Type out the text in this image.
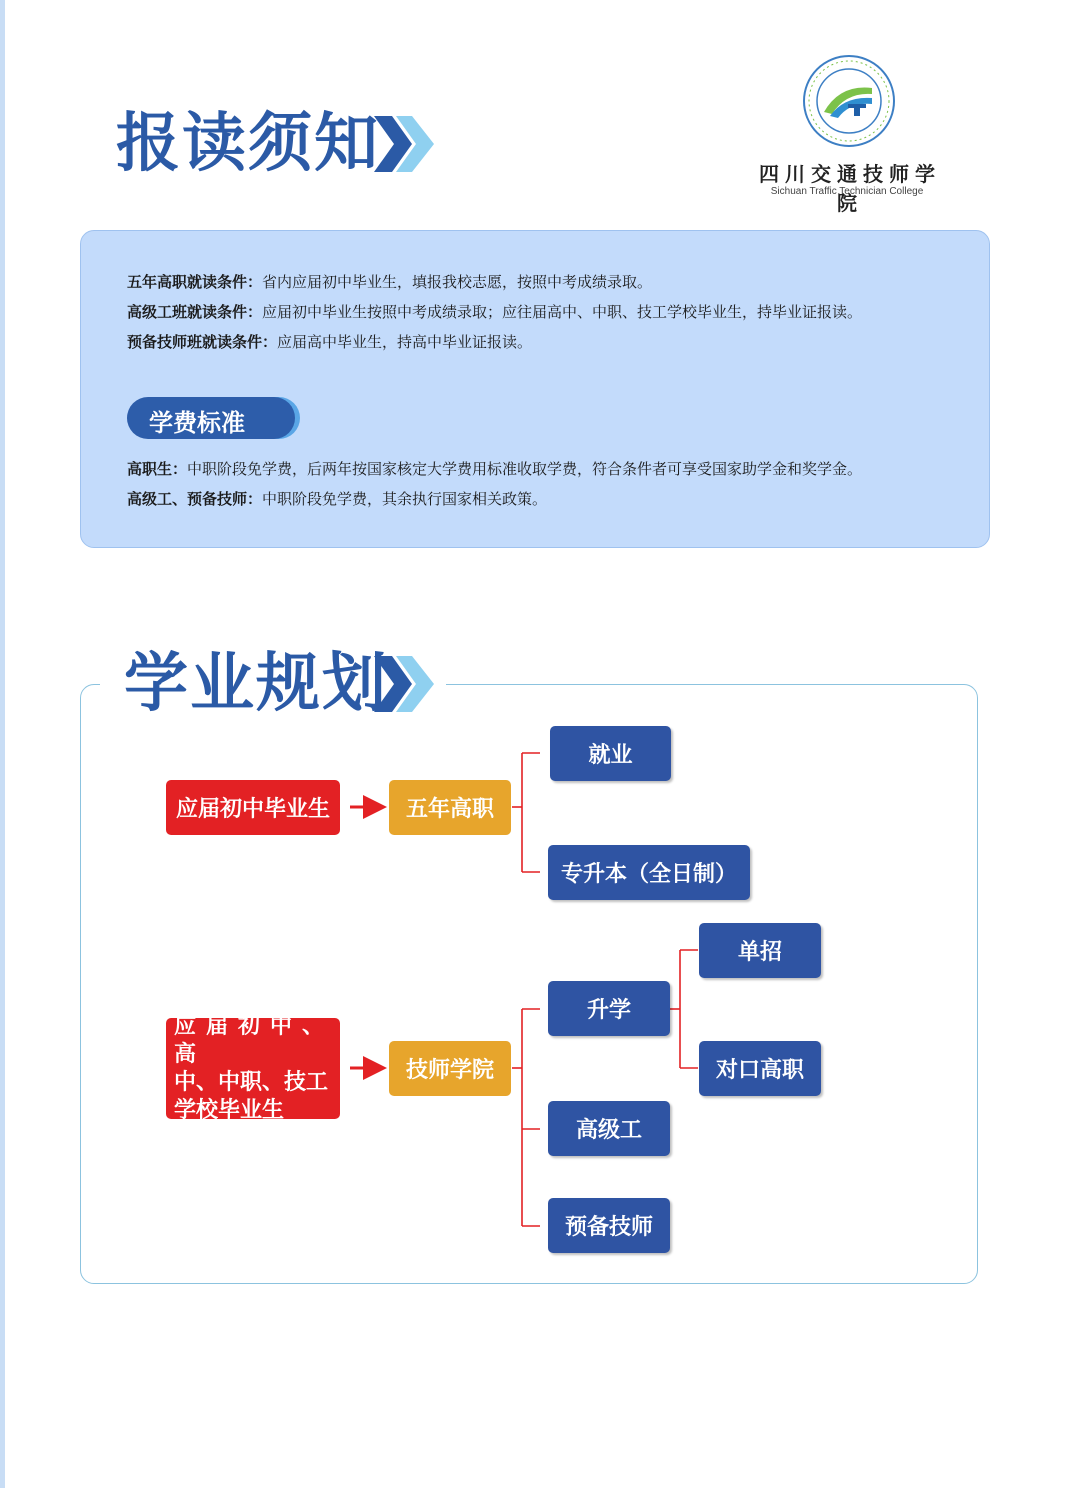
报读须知	四川交通技师学院
Sichuan Traffic Technician College
五年高职就读条件：省内应届初中毕业生，填报我校志愿，按照中考成绩录取。
高级工班就读条件：应届初中毕业生按照中考成绩录取；应往届高中、中职、技工学校毕业生，持毕业证报读。
预备技师班就读条件：应届高中毕业生，持高中毕业证报读。
学费标准
高职生：中职阶段免学费，后两年按国家核定大学费用标准收取学费，符合条件者可享受国家助学金和奖学金。
高级工、预备技师：中职阶段免学费，其余执行国家相关政策。
学业规划
应届初中毕业生	五年高职
就业
专升本（全日制）
应届初中、高
中、中职、技工
学校毕业生
技师学院
升学
高级工
预备技师
单招
对口高职
